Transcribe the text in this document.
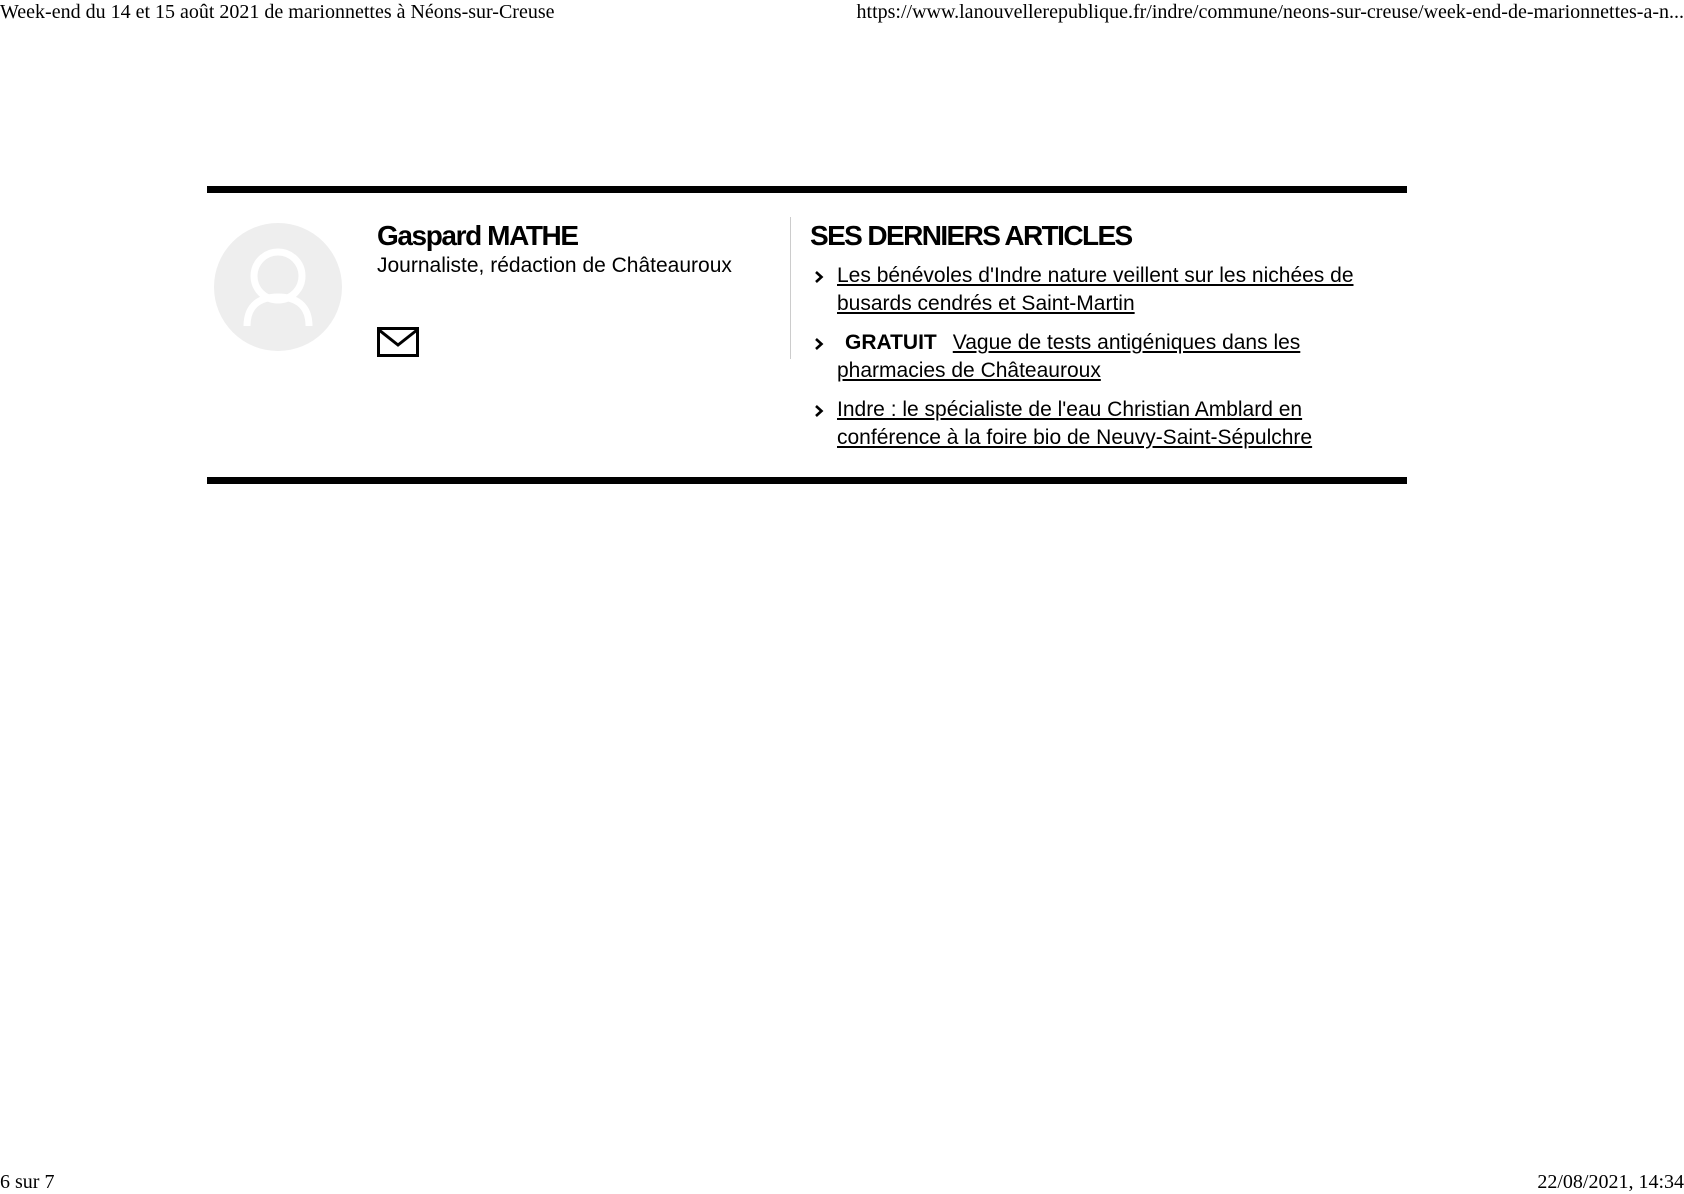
Week-end du 14 et 15 août 2021 de marionnettes à Néons-sur-Creuse	https://www.lanouvellerepublique.fr/indre/commune/neons-sur-creuse/week-end-de-marionnettes-a-n...
Gaspard MATHE
Journaliste, rédaction de Châteauroux
SES DERNIERS ARTICLES
Les bénévoles d'Indre nature veillent sur les nichées de busards cendrés et Saint-Martin
GRATUIT Vague de tests antigéniques dans les pharmacies de Châteauroux
Indre : le spécialiste de l'eau Christian Amblard en conférence à la foire bio de Neuvy-Saint-Sépulchre
6 sur 7	22/08/2021, 14:34
